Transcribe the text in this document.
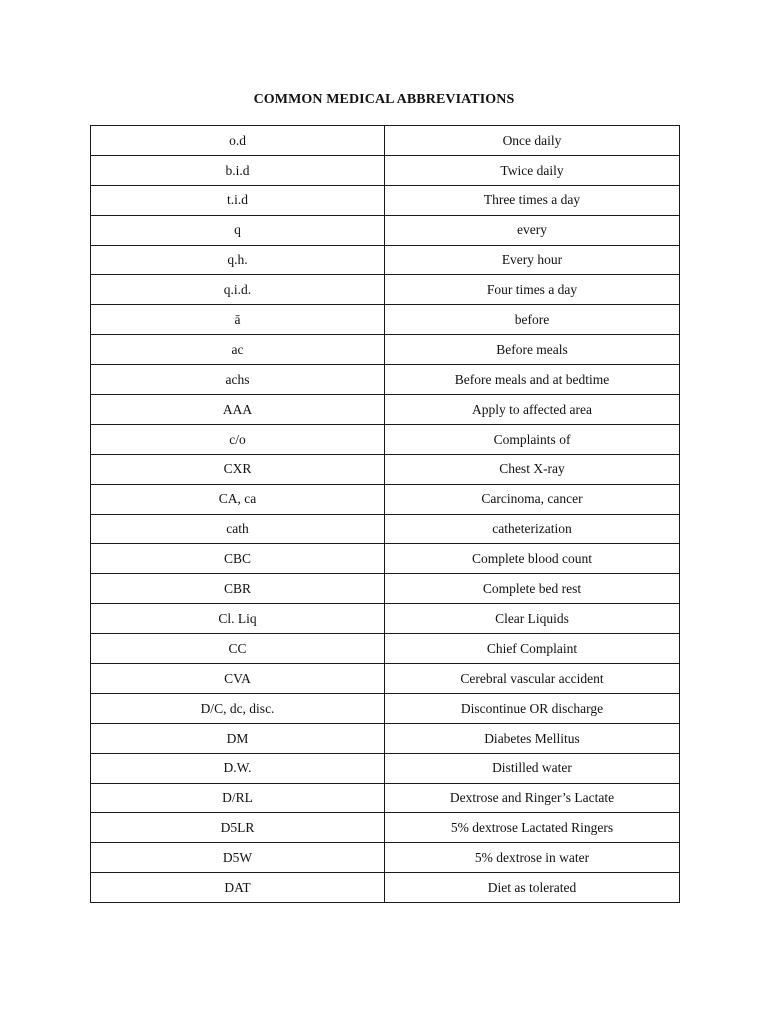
COMMON MEDICAL ABBREVIATIONS
o.d	Once daily
b.i.d	Twice daily
t.i.d	Three times a day
q	every
q.h.	Every hour
q.i.d.	Four times a day
ā	before
ac	Before meals
achs	Before meals and at bedtime
AAA	Apply to affected area
c/o	Complaints of
CXR	Chest X-ray
CA, ca	Carcinoma, cancer
cath	catheterization
CBC	Complete blood count
CBR	Complete bed rest
Cl. Liq	Clear Liquids
CC	Chief Complaint
CVA	Cerebral vascular accident
D/C, dc, disc.	Discontinue OR discharge
DM	Diabetes Mellitus
D.W.	Distilled water
D/RL	Dextrose and Ringer’s Lactate
D5LR	5% dextrose Lactated Ringers
D5W	5% dextrose in water
DAT	Diet as tolerated
